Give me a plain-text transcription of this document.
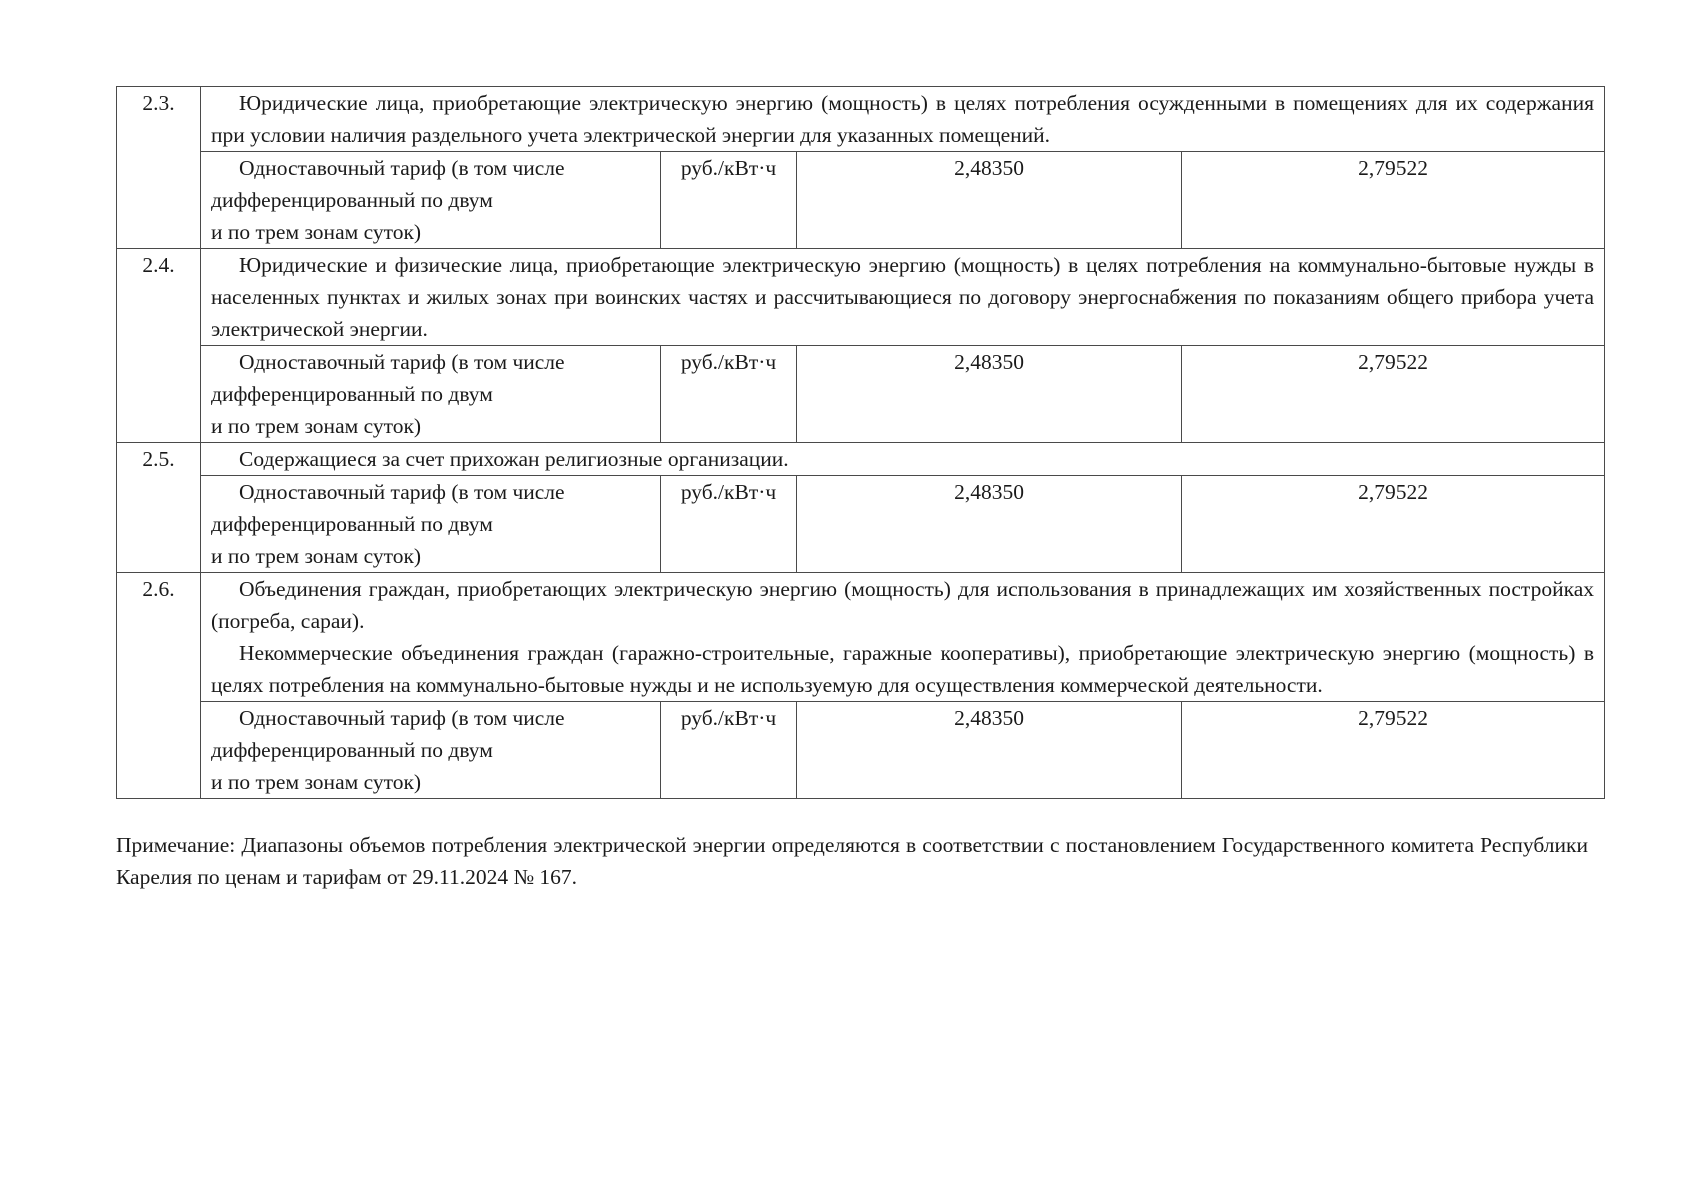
2.3.	Юридические лица, приобретающие электрическую энергию (мощность) в целях потребления осужденными в помещениях для их содержания при условии наличия раздельного учета электрической энергии для указанных помещений.			

	Одноставочный тариф (в том числе
дифференцированный по двум
и по трем зонам суток)	руб./кВт·ч	2,48350	2,79522
2.4.	Юридические и физические лица, приобретающие электрическую энергию (мощность) в целях потребления на коммунально-бытовые нужды в населенных пунктах и жилых зонах при воинских частях и рассчитывающиеся по договору энергоснабжения по показаниям общего прибора учета электрической энергии.			

	Одноставочный тариф (в том числе
дифференцированный по двум
и по трем зонам суток)	руб./кВт·ч	2,48350	2,79522
2.5.	Содержащиеся за счет прихожан религиозные организации.			

	Одноставочный тариф (в том числе
дифференцированный по двум
и по трем зонам суток)	руб./кВт·ч	2,48350	2,79522
2.6.	Объединения граждан, приобретающих электрическую энергию (мощность) для использования в принадлежащих им хозяйственных постройках (погреба, сараи).

Некоммерческие объединения граждан (гаражно-строительные, гаражные кооперативы), приобретающие электрическую энергию (мощность) в целях потребления на коммунально-бытовые нужды и не используемую для осуществления коммерческой деятельности.			

	Одноставочный тариф (в том числе
дифференцированный по двум
и по трем зонам суток)	руб./кВт·ч	2,48350	2,79522
Примечание: Диапазоны объемов потребления электрической энергии определяются в соответствии с постановлением Государственного комитета Республики Карелия по ценам и тарифам от 29.11.2024 № 167.
